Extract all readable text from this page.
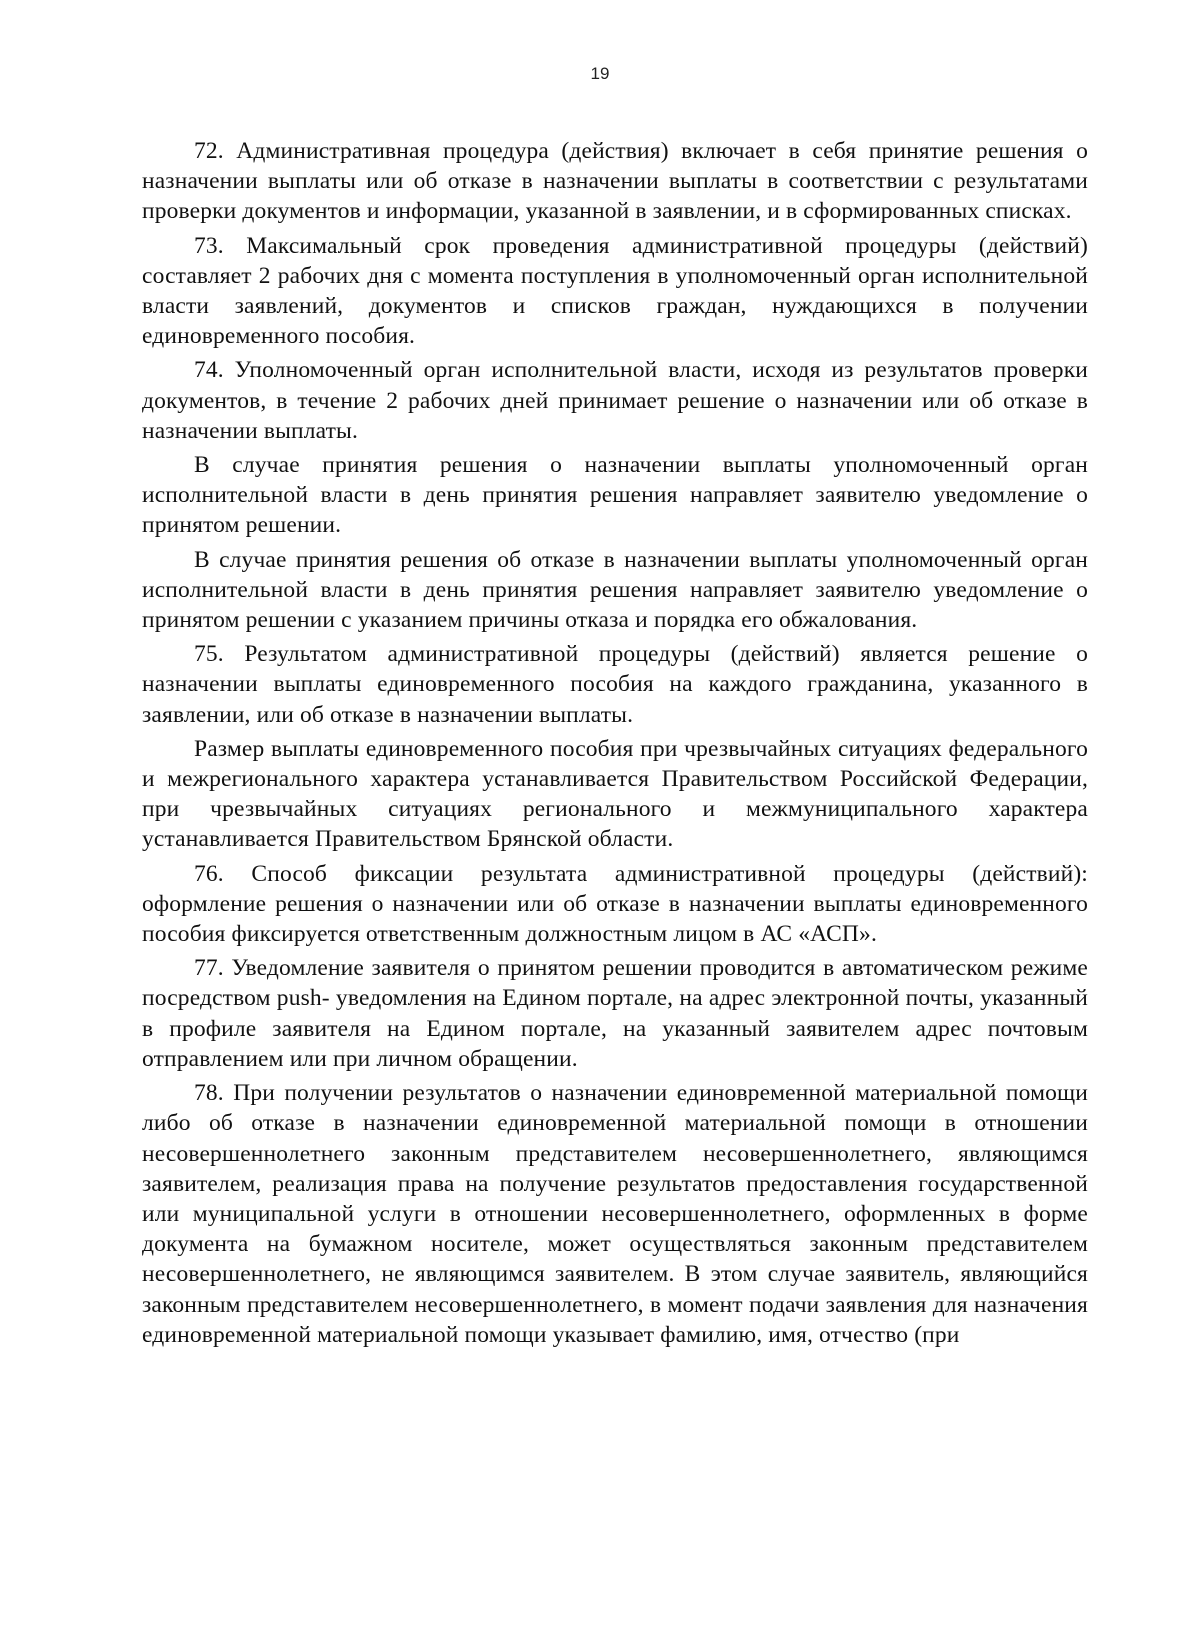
19

72. Административная процедура (действия) включает в себя принятие решения о назначении выплаты или об отказе в назначении выплаты в соответствии с результатами проверки документов и информации, указанной в заявлении, и в сформированных списках.

73. Максимальный срок проведения административной процедуры (действий) составляет 2 рабочих дня с момента поступления в уполномоченный орган исполнительной власти заявлений, документов и списков граждан, нуждающихся в получении единовременного пособия.

74. Уполномоченный орган исполнительной власти, исходя из результатов проверки документов, в течение 2 рабочих дней принимает решение о назначении или об отказе в назначении выплаты.

В случае принятия решения о назначении выплаты уполномоченный орган исполнительной власти в день принятия решения направляет заявителю уведомление о принятом решении.

В случае принятия решения об отказе в назначении выплаты уполномоченный орган исполнительной власти в день принятия решения направляет заявителю уведомление о принятом решении с указанием причины отказа и порядка его обжалования.

75. Результатом административной процедуры (действий) является решение о назначении выплаты единовременного пособия на каждого гражданина, указанного в заявлении, или об отказе в назначении выплаты.

Размер выплаты единовременного пособия при чрезвычайных ситуациях федерального и межрегионального характера устанавливается Правительством Российской Федерации, при чрезвычайных ситуациях регионального и межмуниципального характера устанавливается Правительством Брянской области.

76. Способ фиксации результата административной процедуры (действий): оформление решения о назначении или об отказе в назначении выплаты единовременного пособия фиксируется ответственным должностным лицом в АС «АСП».

77. Уведомление заявителя о принятом решении проводится в автоматическом режиме посредством push- уведомления на Едином портале, на адрес электронной почты, указанный в профиле заявителя на Едином портале, на указанный заявителем адрес почтовым отправлением или при личном обращении.

78. При получении результатов о назначении единовременной материальной помощи либо об отказе в назначении единовременной материальной помощи в отношении несовершеннолетнего законным представителем несовершеннолетнего, являющимся заявителем, реализация права на получение результатов предоставления государственной или муниципальной услуги в отношении несовершеннолетнего, оформленных в форме документа на бумажном носителе, может осуществляться законным представителем несовершеннолетнего, не являющимся заявителем. В этом случае заявитель, являющийся законным представителем несовершеннолетнего, в момент подачи заявления для назначения единовременной материальной помощи указывает фамилию, имя, отчество (при
